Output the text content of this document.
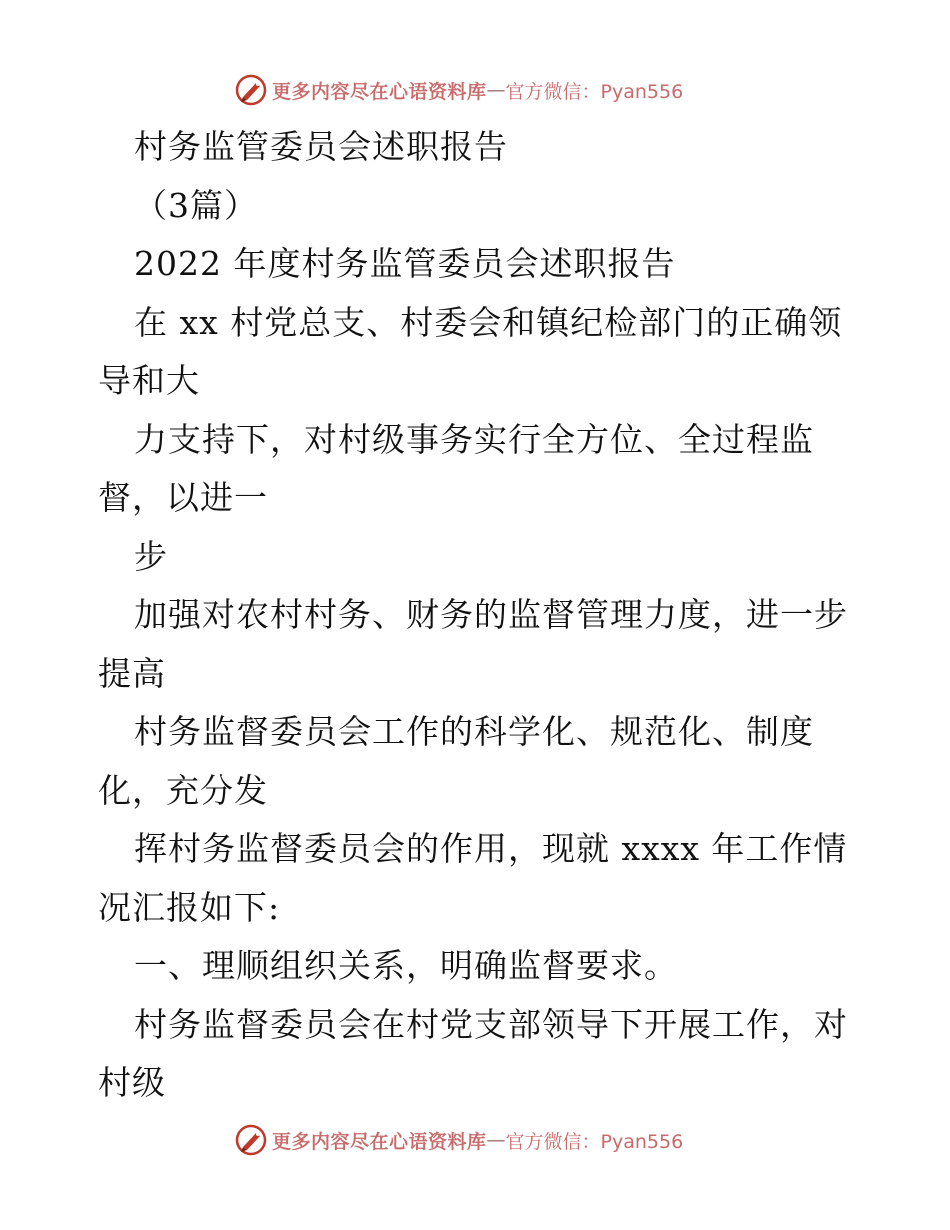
更多内容尽在心语资料库 — 官方微信：Pyan556
村务监管委员会述职报告
（3篇）
2022 年度村务监管委员会述职报告
在 xx 村党总支、村委会和镇纪检部门的正确领
导和大
力支持下，对村级事务实行全方位、全过程监
督，以进一
步
加强对农村村务、财务的监督管理力度，进一步
提高
村务监督委员会工作的科学化、规范化、制度
化，充分发
挥村务监督委员会的作用，现就 xxxx 年工作情
况汇报如下:
一、理顺组织关系，明确监督要求。
村务监督委员会在村党支部领导下开展工作，对
村级
更多内容尽在心语资料库 — 官方微信：Pyan556
